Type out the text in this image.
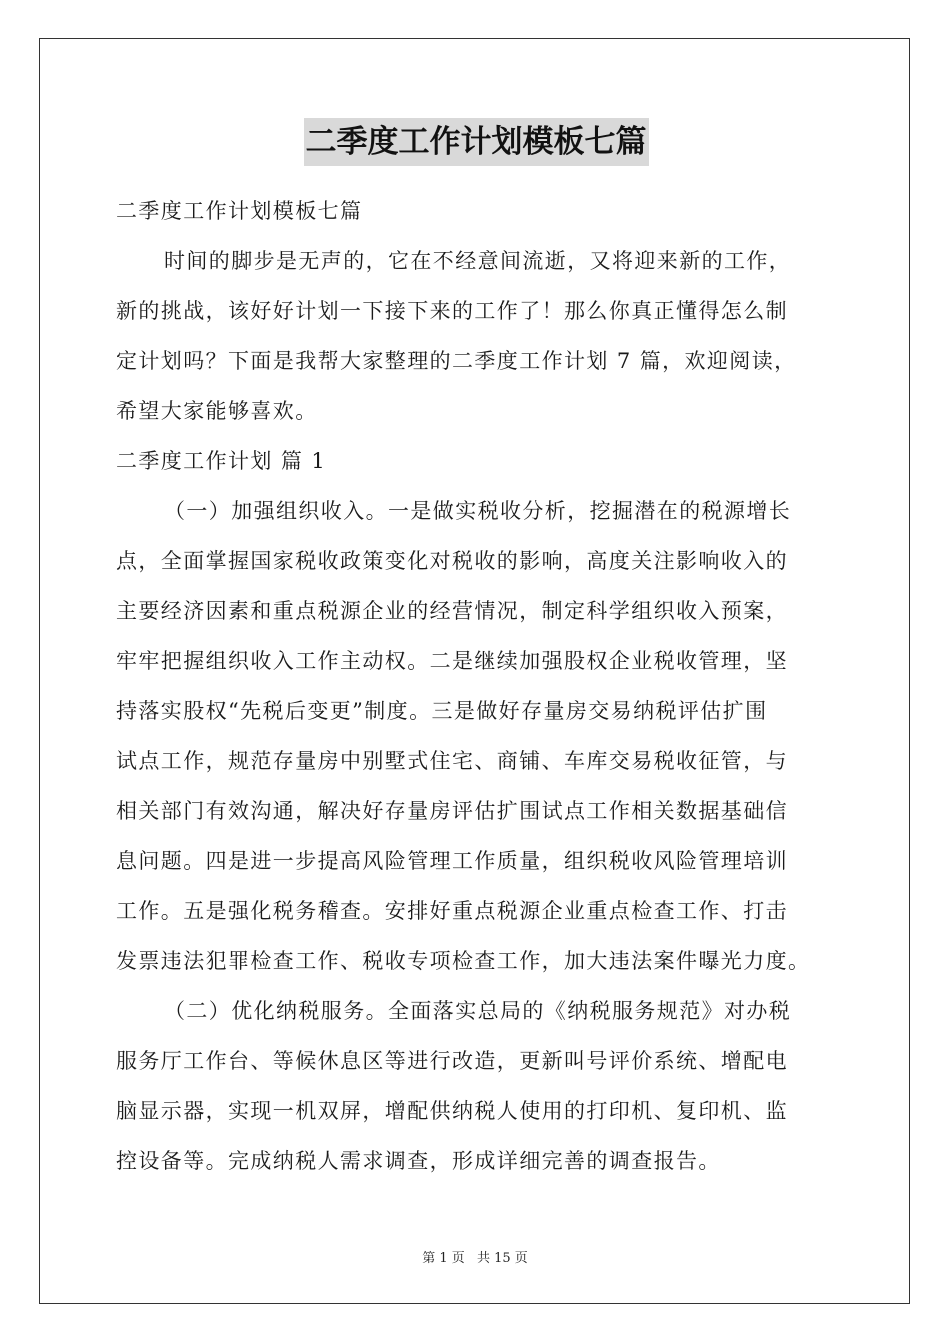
二季度工作计划模板七篇

二季度工作计划模板七篇

时间的脚步是无声的，它在不经意间流逝，又将迎来新的工作，

新的挑战，该好好计划一下接下来的工作了！那么你真正懂得怎么制

定计划吗？下面是我帮大家整理的二季度工作计划 7 篇，欢迎阅读，

希望大家能够喜欢。

二季度工作计划 篇 1

（一）加强组织收入。一是做实税收分析，挖掘潜在的税源增长

点，全面掌握国家税收政策变化对税收的影响，高度关注影响收入的

主要经济因素和重点税源企业的经营情况，制定科学组织收入预案，

牢牢把握组织收入工作主动权。二是继续加强股权企业税收管理，坚

持落实股权“先税后变更”制度。三是做好存量房交易纳税评估扩围

试点工作，规范存量房中别墅式住宅、商铺、车库交易税收征管，与

相关部门有效沟通，解决好存量房评估扩围试点工作相关数据基础信

息问题。四是进一步提高风险管理工作质量，组织税收风险管理培训

工作。五是强化税务稽查。安排好重点税源企业重点检查工作、打击

发票违法犯罪检查工作、税收专项检查工作，加大违法案件曝光力度。

（二）优化纳税服务。全面落实总局的《纳税服务规范》对办税

服务厅工作台、等候休息区等进行改造，更新叫号评价系统、增配电

脑显示器，实现一机双屏，增配供纳税人使用的打印机、复印机、监

控设备等。完成纳税人需求调查，形成详细完善的调查报告。

第 1 页 共 15 页
